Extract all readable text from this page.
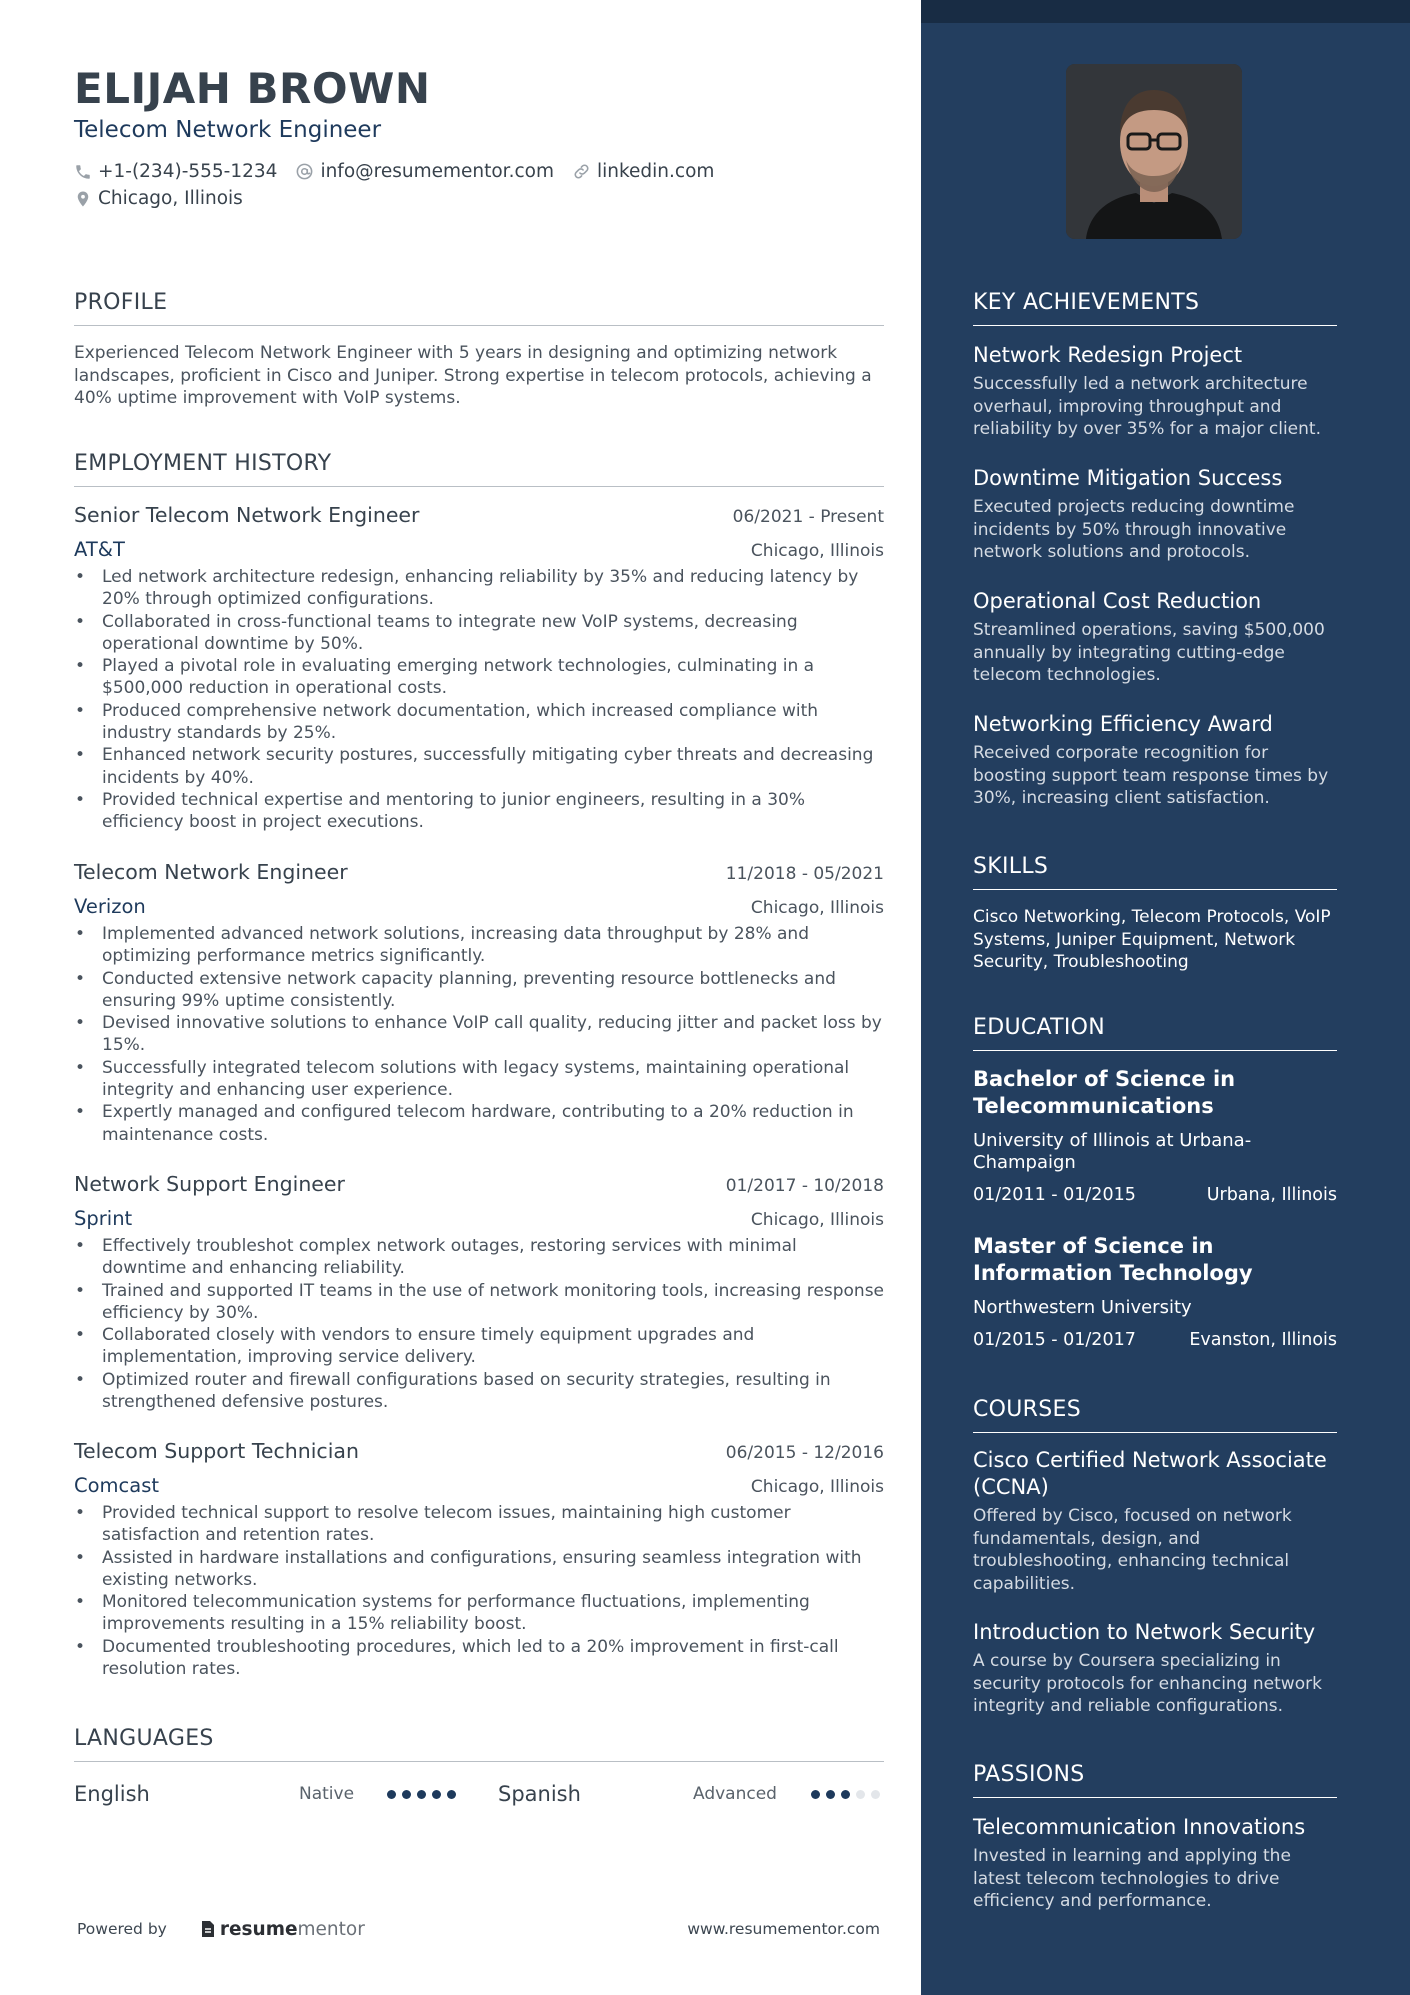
ELIJAH BROWN
Telecom Network Engineer
+1-(234)-555-1234 info@resumementor.com linkedin.com
Chicago, Illinois
PROFILE
Experienced Telecom Network Engineer with 5 years in designing and optimizing network landscapes, proficient in Cisco and Juniper. Strong expertise in telecom protocols, achieving a 40% uptime improvement with VoIP systems.
EMPLOYMENT HISTORY
Senior Telecom Network Engineer	06/2021 - Present
AT&T	Chicago, Illinois
• Led network architecture redesign, enhancing reliability by 35% and reducing latency by 20% through optimized configurations.
• Collaborated in cross-functional teams to integrate new VoIP systems, decreasing operational downtime by 50%.
• Played a pivotal role in evaluating emerging network technologies, culminating in a $500,000 reduction in operational costs.
• Produced comprehensive network documentation, which increased compliance with industry standards by 25%.
• Enhanced network security postures, successfully mitigating cyber threats and decreasing incidents by 40%.
• Provided technical expertise and mentoring to junior engineers, resulting in a 30% efficiency boost in project executions.
Telecom Network Engineer	11/2018 - 05/2021
Verizon	Chicago, Illinois
• Implemented advanced network solutions, increasing data throughput by 28% and optimizing performance metrics significantly.
• Conducted extensive network capacity planning, preventing resource bottlenecks and ensuring 99% uptime consistently.
• Devised innovative solutions to enhance VoIP call quality, reducing jitter and packet loss by 15%.
• Successfully integrated telecom solutions with legacy systems, maintaining operational integrity and enhancing user experience.
• Expertly managed and configured telecom hardware, contributing to a 20% reduction in maintenance costs.
Network Support Engineer	01/2017 - 10/2018
Sprint	Chicago, Illinois
• Effectively troubleshot complex network outages, restoring services with minimal downtime and enhancing reliability.
• Trained and supported IT teams in the use of network monitoring tools, increasing response efficiency by 30%.
• Collaborated closely with vendors to ensure timely equipment upgrades and implementation, improving service delivery.
• Optimized router and firewall configurations based on security strategies, resulting in strengthened defensive postures.
Telecom Support Technician	06/2015 - 12/2016
Comcast	Chicago, Illinois
• Provided technical support to resolve telecom issues, maintaining high customer satisfaction and retention rates.
• Assisted in hardware installations and configurations, ensuring seamless integration with existing networks.
• Monitored telecommunication systems for performance fluctuations, implementing improvements resulting in a 15% reliability boost.
• Documented troubleshooting procedures, which led to a 20% improvement in first-call resolution rates.
LANGUAGES
English	Native	Spanish	Advanced
Powered by	resume mentor	www.resumementor.com
KEY ACHIEVEMENTS
Network Redesign Project
Successfully led a network architecture overhaul, improving throughput and reliability by over 35% for a major client.
Downtime Mitigation Success
Executed projects reducing downtime incidents by 50% through innovative network solutions and protocols.
Operational Cost Reduction
Streamlined operations, saving $500,000 annually by integrating cutting-edge telecom technologies.
Networking Efficiency Award
Received corporate recognition for boosting support team response times by 30%, increasing client satisfaction.
SKILLS
Cisco Networking, Telecom Protocols, VoIP Systems, Juniper Equipment, Network Security, Troubleshooting
EDUCATION
Bachelor of Science in Telecommunications
University of Illinois at Urbana-Champaign
01/2011 - 01/2015	Urbana, Illinois
Master of Science in Information Technology
Northwestern University
01/2015 - 01/2017	Evanston, Illinois
COURSES
Cisco Certified Network Associate (CCNA)
Offered by Cisco, focused on network fundamentals, design, and troubleshooting, enhancing technical capabilities.
Introduction to Network Security
A course by Coursera specializing in security protocols for enhancing network integrity and reliable configurations.
PASSIONS
Telecommunication Innovations
Invested in learning and applying the latest telecom technologies to drive efficiency and performance.
